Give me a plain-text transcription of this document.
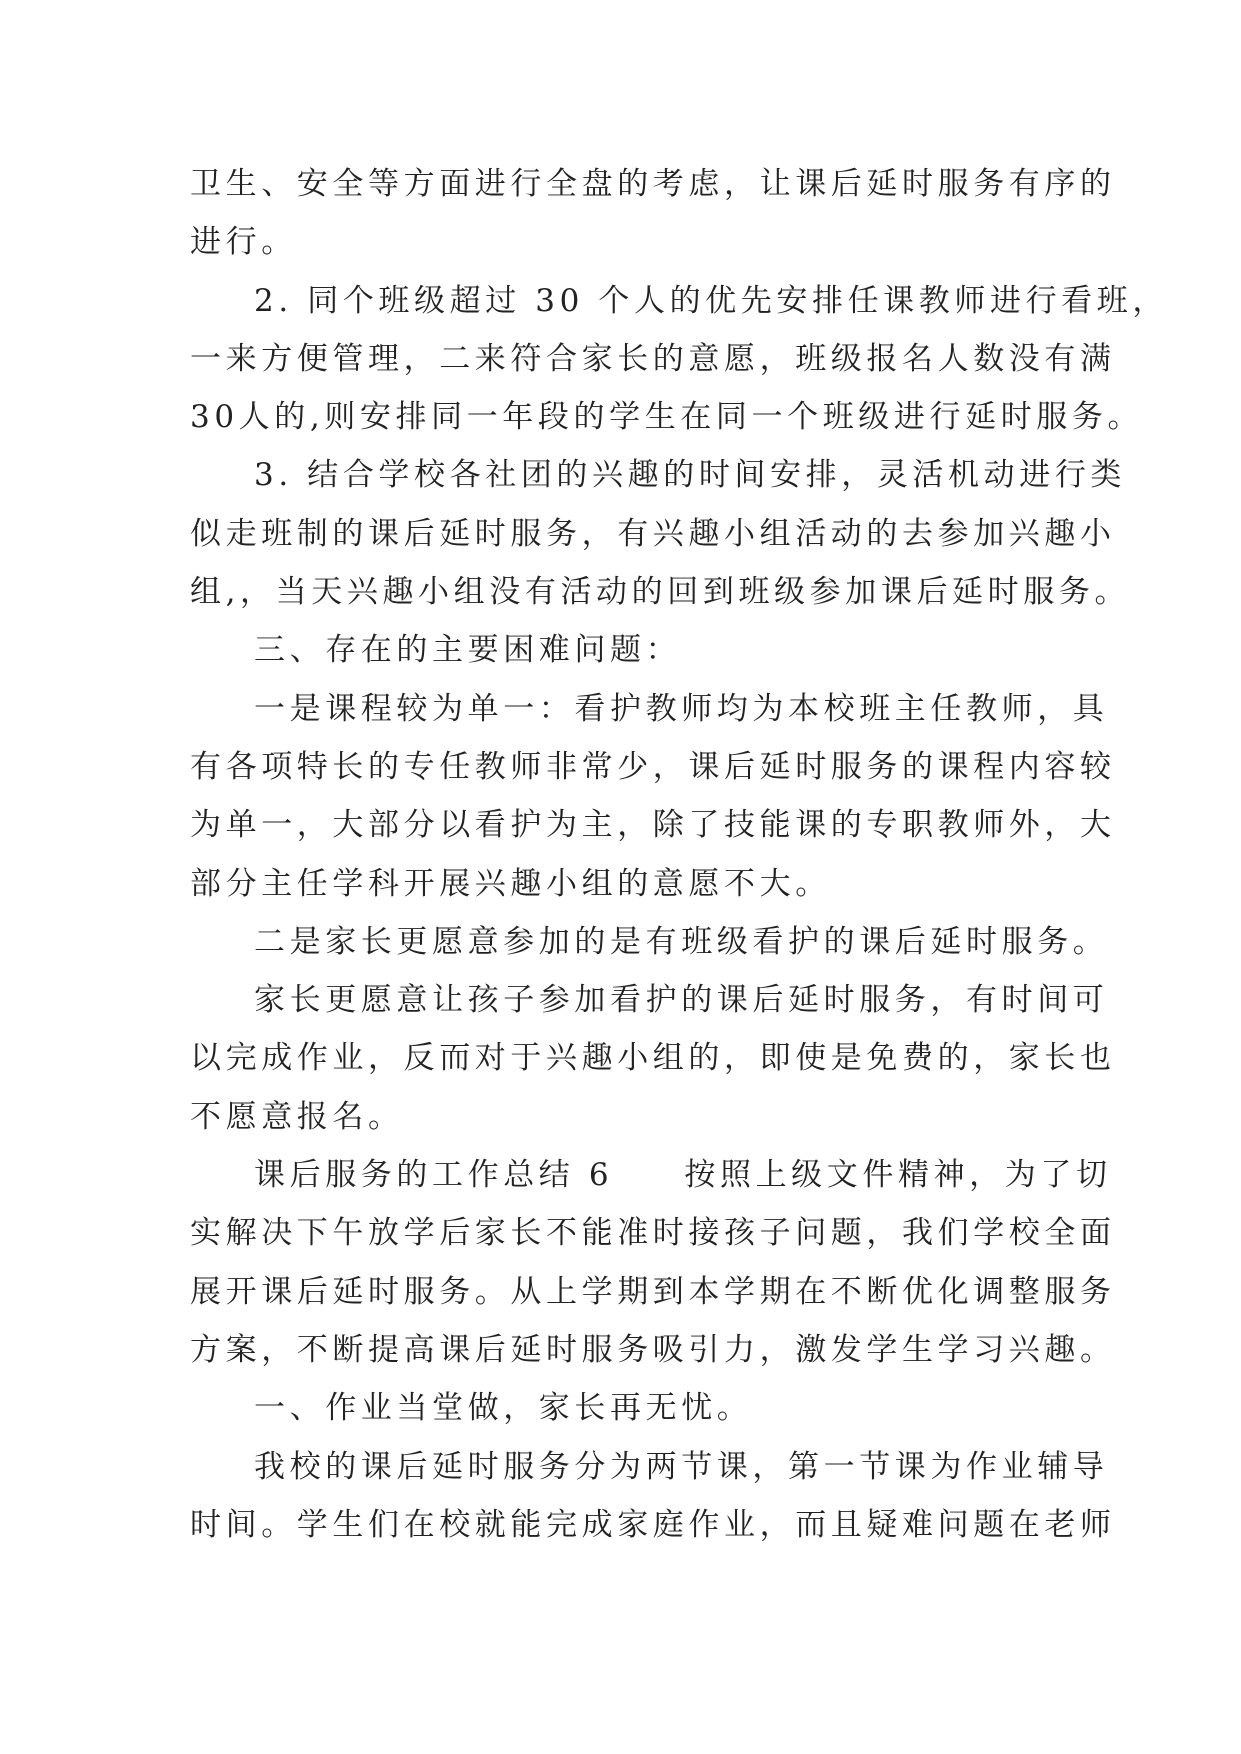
卫生、安全等方面进行全盘的考虑，让课后延时服务有序的
进行。
2. 同个班级超过 30 个人的优先安排任课教师进行看班，
一来方便管理，二来符合家长的意愿，班级报名人数没有满
30人的,则安排同一年段的学生在同一个班级进行延时服务。
3. 结合学校各社团的兴趣的时间安排，灵活机动进行类
似走班制的课后延时服务，有兴趣小组活动的去参加兴趣小
组,，当天兴趣小组没有活动的回到班级参加课后延时服务。
三、存在的主要困难问题：
一是课程较为单一：看护教师均为本校班主任教师，具
有各项特长的专任教师非常少，课后延时服务的课程内容较
为单一，大部分以看护为主，除了技能课的专职教师外，大
部分主任学科开展兴趣小组的意愿不大。
二是家长更愿意参加的是有班级看护的课后延时服务。
家长更愿意让孩子参加看护的课后延时服务，有时间可
以完成作业，反而对于兴趣小组的，即使是免费的，家长也
不愿意报名。
课后服务的工作总结 6　　按照上级文件精神，为了切
实解决下午放学后家长不能准时接孩子问题，我们学校全面
展开课后延时服务。从上学期到本学期在不断优化调整服务
方案，不断提高课后延时服务吸引力，激发学生学习兴趣。
一、作业当堂做，家长再无忧。
我校的课后延时服务分为两节课，第一节课为作业辅导
时间。学生们在校就能完成家庭作业，而且疑难问题在老师
